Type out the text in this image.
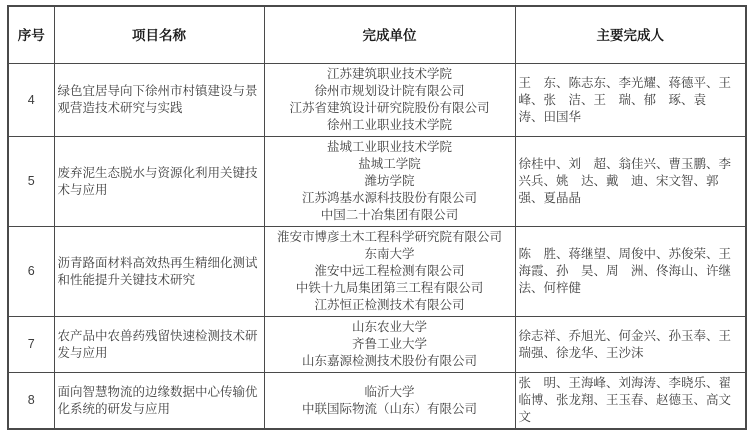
序号	项目名称	完成单位	主要完成人
4	绿色宜居导向下徐州市村镇建设与景观营造技术研究与实践	江苏建筑职业技术学院
徐州市规划设计院有限公司
江苏省建筑设计研究院股份有限公司
徐州工业职业技术学院	王　东、陈志东、李光耀、蒋德平、王　峰、张　洁、王　瑞、郁　琢、袁　涛、田国华
5	废弃泥生态脱水与资源化利用关键技术与应用	盐城工业职业技术学院
盐城工学院
潍坊学院
江苏鸿基水源科技股份有限公司
中国二十冶集团有限公司	徐桂中、刘　超、翁佳兴、曹玉鹏、李兴兵、姚　达、戴　迪、宋文智、郭　强、夏晶晶
6	沥青路面材料高效热再生精细化测试和性能提升关键技术研究	淮安市博彦土木工程科学研究院有限公司
东南大学
淮安中远工程检测有限公司
中铁十九局集团第三工程有限公司
江苏恒正检测技术有限公司	陈　胜、蒋继望、周俊中、苏俊荣、王海霞、孙　昊、周　洲、佟海山、许继法、何梓健
7	农产品中农兽药残留快速检测技术研发与应用	山东农业大学
齐鲁工业大学
山东嘉源检测技术股份有限公司	徐志祥、乔旭光、何金兴、孙玉奉、王瑞强、徐龙华、王沙沫
8	面向智慧物流的边缘数据中心传输优化系统的研发与应用	临沂大学
中联国际物流（山东）有限公司	张　明、王海峰、刘海涛、李晓乐、翟临博、张龙翔、王玉春、赵德玉、高文文
